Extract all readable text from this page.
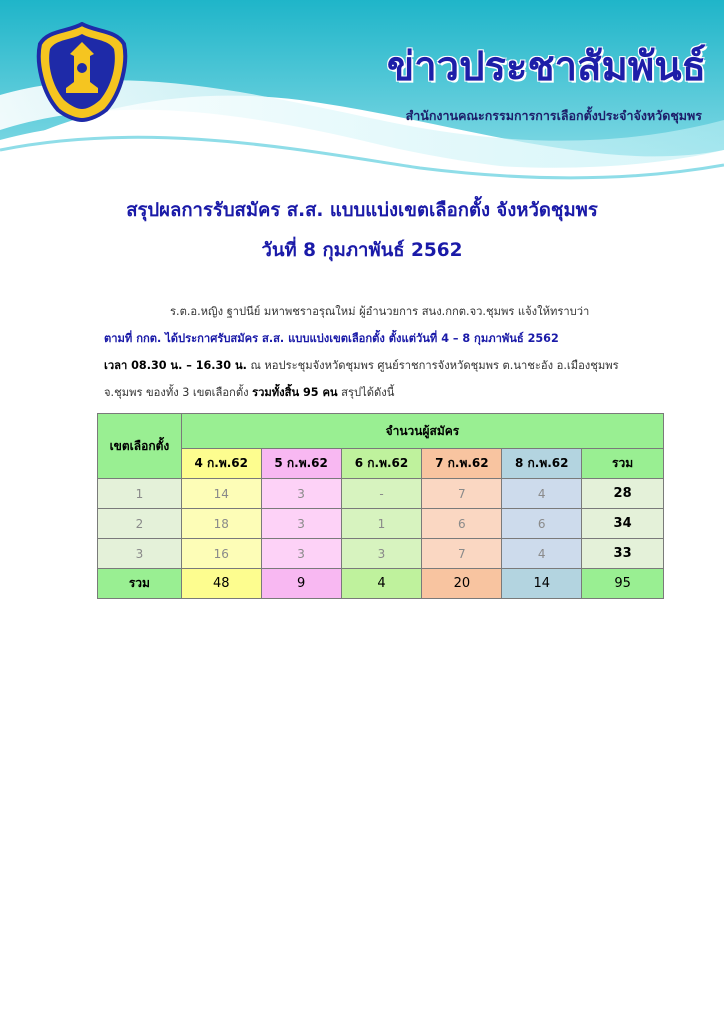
ข่าวประชาสัมพันธ์
สำนักงานคณะกรรมการการเลือกตั้งประจำจังหวัดชุมพร
สรุปผลการรับสมัคร ส.ส. แบบแบ่งเขตเลือกตั้ง จังหวัดชุมพร
วันที่ 8 กุมภาพันธ์ 2562
ร.ต.อ.หญิง ฐาปนีย์ มหาพชราอรุณใหม่ ผู้อำนวยการ สนง.กกต.จว.ชุมพร แจ้งให้ทราบว่า
ตามที่ กกต. ได้ประกาศรับสมัคร ส.ส. แบบแบ่งเขตเลือกตั้ง ตั้งแต่วันที่ 4 – 8 กุมภาพันธ์ 2562
เวลา 08.30 น. – 16.30 น. ณ หอประชุมจังหวัดชุมพร ศูนย์ราชการจังหวัดชุมพร ต.นาชะอัง อ.เมืองชุมพร
จ.ชุมพร ของทั้ง 3 เขตเลือกตั้ง รวมทั้งสิ้น 95 คน สรุปได้ดังนี้
เขตเลือกตั้ง	จำนวนผู้สมัคร					
	4 ก.พ.62	5 ก.พ.62	6 ก.พ.62	7 ก.พ.62	8 ก.พ.62	รวม
1	14	3	-	7	4	28
2	18	3	1	6	6	34
3	16	3	3	7	4	33
รวม	48	9	4	20	14	95
